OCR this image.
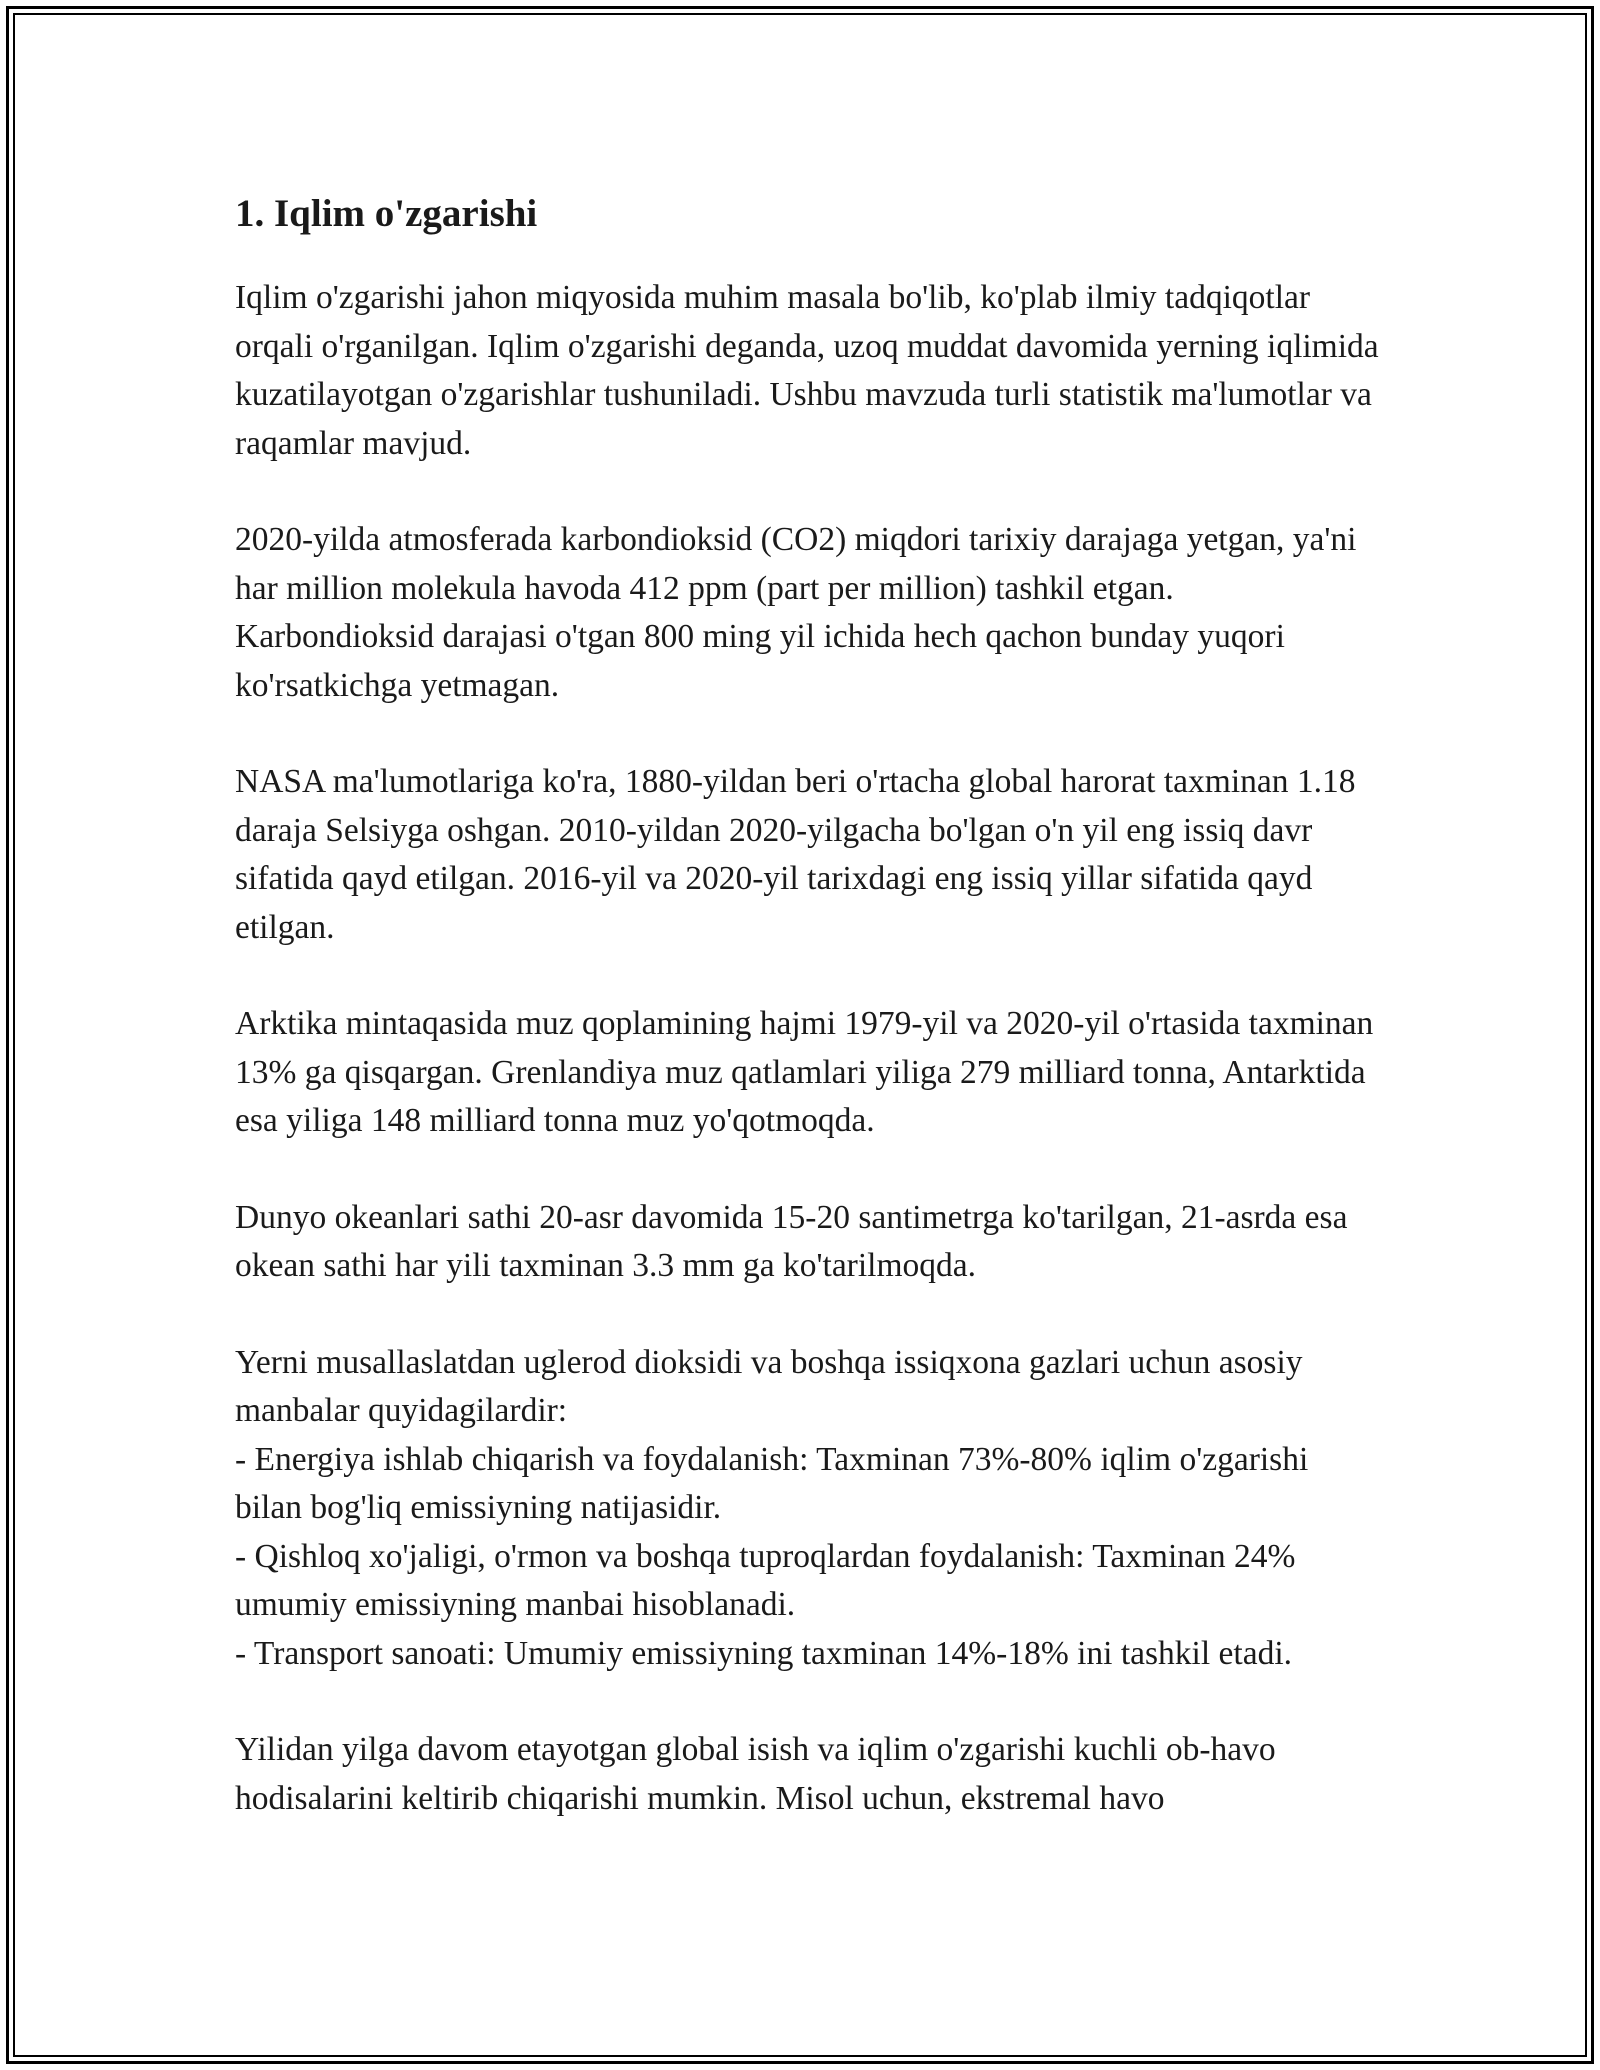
1. Iqlim o'zgarishi

Iqlim o'zgarishi jahon miqyosida muhim masala bo'lib, ko'plab ilmiy tadqiqotlar orqali o'rganilgan. Iqlim o'zgarishi deganda, uzoq muddat davomida yerning iqlimida kuzatilayotgan o'zgarishlar tushuniladi. Ushbu mavzuda turli statistik ma'lumotlar va raqamlar mavjud.

2020-yilda atmosferada karbondioksid (CO2) miqdori tarixiy darajaga yetgan, ya'ni har million molekula havoda 412 ppm (part per million) tashkil etgan. Karbondioksid darajasi o'tgan 800 ming yil ichida hech qachon bunday yuqori ko'rsatkichga yetmagan.

NASA ma'lumotlariga ko'ra, 1880-yildan beri o'rtacha global harorat taxminan 1.18 daraja Selsiyga oshgan. 2010-yildan 2020-yilgacha bo'lgan o'n yil eng issiq davr sifatida qayd etilgan. 2016-yil va 2020-yil tarixdagi eng issiq yillar sifatida qayd etilgan.

Arktika mintaqasida muz qoplamining hajmi 1979-yil va 2020-yil o'rtasida taxminan 13% ga qisqargan. Grenlandiya muz qatlamlari yiliga 279 milliard tonna, Antarktida esa yiliga 148 milliard tonna muz yo'qotmoqda.

Dunyo okeanlari sathi 20-asr davomida 15-20 santimetrga ko'tarilgan, 21-asrda esa okean sathi har yili taxminan 3.3 mm ga ko'tarilmoqda.

Yerni musallaslatdan uglerod dioksidi va boshqa issiqxona gazlari uchun asosiy manbalar quyidagilardir:
- Energiya ishlab chiqarish va foydalanish: Taxminan 73%-80% iqlim o'zgarishi bilan bog'liq emissiyning natijasidir.
- Qishloq xo'jaligi, o'rmon va boshqa tuproqlardan foydalanish: Taxminan 24% umumiy emissiyning manbai hisoblanadi.
- Transport sanoati: Umumiy emissiyning taxminan 14%-18% ini tashkil etadi.

Yilidan yilga davom etayotgan global isish va iqlim o'zgarishi kuchli ob-havo hodisalarini keltirib chiqarishi mumkin. Misol uchun, ekstremal havo
